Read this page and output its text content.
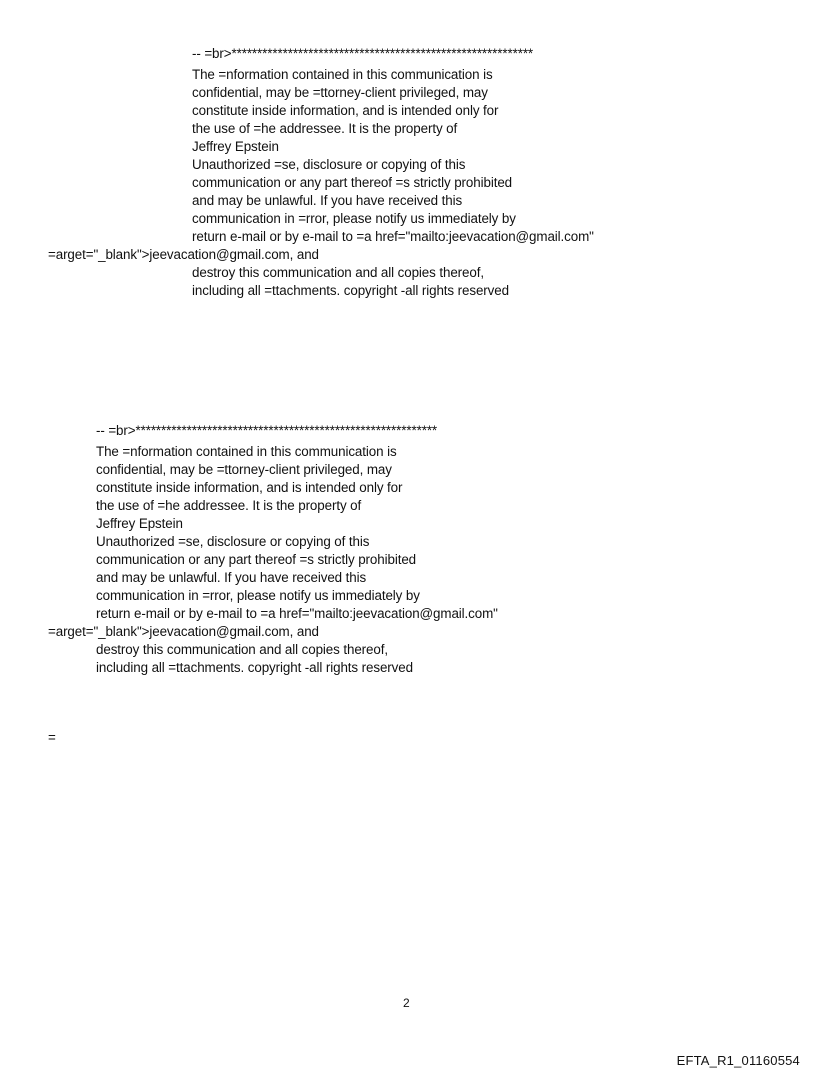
-- =br>***********************************************************
The =nformation contained in this communication is
confidential, may be =ttorney-client privileged, may
constitute inside information, and is intended only for
the use of =he addressee. It is the property of
Jeffrey Epstein
Unauthorized =se, disclosure or copying of this
communication or any part thereof =s strictly prohibited
and may be unlawful. If you have received this
communication in =rror, please notify us immediately by
return e-mail or by e-mail to =a href="mailto:jeevacation@gmail.com"
=arget="_blank">jeevacation@gmail.com, and
destroy this communication and all copies thereof,
including all =ttachments. copyright -all rights reserved
-- =br>***********************************************************
The =nformation contained in this communication is
confidential, may be =ttorney-client privileged, may
constitute inside information, and is intended only for
the use of =he addressee. It is the property of
Jeffrey Epstein
Unauthorized =se, disclosure or copying of this
communication or any part thereof =s strictly prohibited
and may be unlawful. If you have received this
communication in =rror, please notify us immediately by
return e-mail or by e-mail to =a href="mailto:jeevacation@gmail.com"
=arget="_blank">jeevacation@gmail.com, and
destroy this communication and all copies thereof,
including all =ttachments. copyright -all rights reserved
=
2
EFTA_R1_01160554
